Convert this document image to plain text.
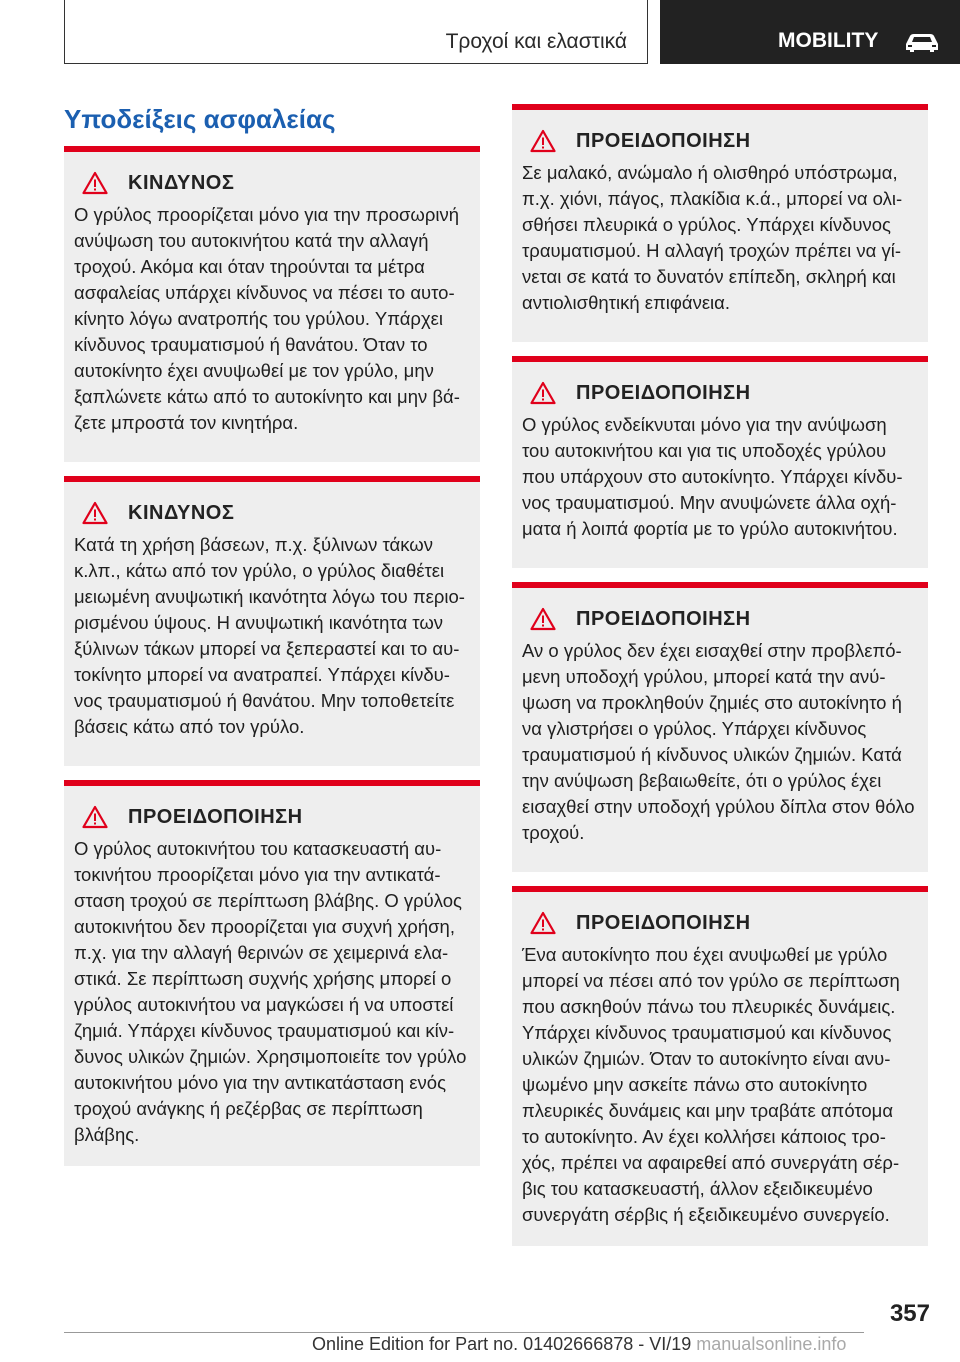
Τροχοί και ελαστικά	MOBILITY
Υποδείξεις ασφαλείας
ΚΙΝΔΥΝΟΣ
Ο γρύλος προορίζεται μόνο για την προσωρινή
ανύψωση του αυτοκινήτου κατά την αλλαγή
τροχού. Ακόμα και όταν τηρούνται τα μέτρα
ασφαλείας υπάρχει κίνδυνος να πέσει το αυτο-
κίνητο λόγω ανατροπής του γρύλου. Υπάρχει
κίνδυνος τραυματισμού ή θανάτου. Όταν το
αυτοκίνητο έχει ανυψωθεί με τον γρύλο, μην
ξαπλώνετε κάτω από το αυτοκίνητο και μην βά-
ζετε μπροστά τον κινητήρα.
ΚΙΝΔΥΝΟΣ
Κατά τη χρήση βάσεων, π.χ. ξύλινων τάκων
κ.λπ., κάτω από τον γρύλο, ο γρύλος διαθέτει
μειωμένη ανυψωτική ικανότητα λόγω του περιο-
ρισμένου ύψους. Η ανυψωτική ικανότητα των
ξύλινων τάκων μπορεί να ξεπεραστεί και το αυ-
τοκίνητο μπορεί να ανατραπεί. Υπάρχει κίνδυ-
νος τραυματισμού ή θανάτου. Μην τοποθετείτε
βάσεις κάτω από τον γρύλο.
ΠΡΟΕΙΔΟΠΟΙΗΣΗ
Ο γρύλος αυτοκινήτου του κατασκευαστή αυ-
τοκινήτου προορίζεται μόνο για την αντικατά-
σταση τροχού σε περίπτωση βλάβης. Ο γρύλος
αυτοκινήτου δεν προορίζεται για συχνή χρήση,
π.χ. για την αλλαγή θερινών σε χειμερινά ελα-
στικά. Σε περίπτωση συχνής χρήσης μπορεί ο
γρύλος αυτοκινήτου να μαγκώσει ή να υποστεί
ζημιά. Υπάρχει κίνδυνος τραυματισμού και κίν-
δυνος υλικών ζημιών. Χρησιμοποιείτε τον γρύλο
αυτοκινήτου μόνο για την αντικατάσταση ενός
τροχού ανάγκης ή ρεζέρβας σε περίπτωση
βλάβης.
ΠΡΟΕΙΔΟΠΟΙΗΣΗ
Σε μαλακό, ανώμαλο ή ολισθηρό υπόστρωμα,
π.χ. χιόνι, πάγος, πλακίδια κ.ά., μπορεί να ολι-
σθήσει πλευρικά ο γρύλος. Υπάρχει κίνδυνος
τραυματισμού. Η αλλαγή τροχών πρέπει να γί-
νεται σε κατά το δυνατόν επίπεδη, σκληρή και
αντιολισθητική επιφάνεια.
ΠΡΟΕΙΔΟΠΟΙΗΣΗ
Ο γρύλος ενδείκνυται μόνο για την ανύψωση
του αυτοκινήτου και για τις υποδοχές γρύλου
που υπάρχουν στο αυτοκίνητο. Υπάρχει κίνδυ-
νος τραυματισμού. Μην ανυψώνετε άλλα οχή-
ματα ή λοιπά φορτία με το γρύλο αυτοκινήτου.
ΠΡΟΕΙΔΟΠΟΙΗΣΗ
Αν ο γρύλος δεν έχει εισαχθεί στην προβλεπό-
μενη υποδοχή γρύλου, μπορεί κατά την ανύ-
ψωση να προκληθούν ζημιές στο αυτοκίνητο ή
να γλιστρήσει ο γρύλος. Υπάρχει κίνδυνος
τραυματισμού ή κίνδυνος υλικών ζημιών. Κατά
την ανύψωση βεβαιωθείτε, ότι ο γρύλος έχει
εισαχθεί στην υποδοχή γρύλου δίπλα στον θόλο
τροχού.
ΠΡΟΕΙΔΟΠΟΙΗΣΗ
Ένα αυτοκίνητο που έχει ανυψωθεί με γρύλο
μπορεί να πέσει από τον γρύλο σε περίπτωση
που ασκηθούν πάνω του πλευρικές δυνάμεις.
Υπάρχει κίνδυνος τραυματισμού και κίνδυνος
υλικών ζημιών. Όταν το αυτοκίνητο είναι ανυ-
ψωμένο μην ασκείτε πάνω στο αυτοκίνητο
πλευρικές δυνάμεις και μην τραβάτε απότομα
το αυτοκίνητο. Αν έχει κολλήσει κάποιος τρο-
χός, πρέπει να αφαιρεθεί από συνεργάτη σέρ-
βις του κατασκευαστή, άλλον εξειδικευμένο
συνεργάτη σέρβις ή εξειδικευμένο συνεργείο.
357
Online Edition for Part no. 01402666878 - VI/19 manualsonline.info
